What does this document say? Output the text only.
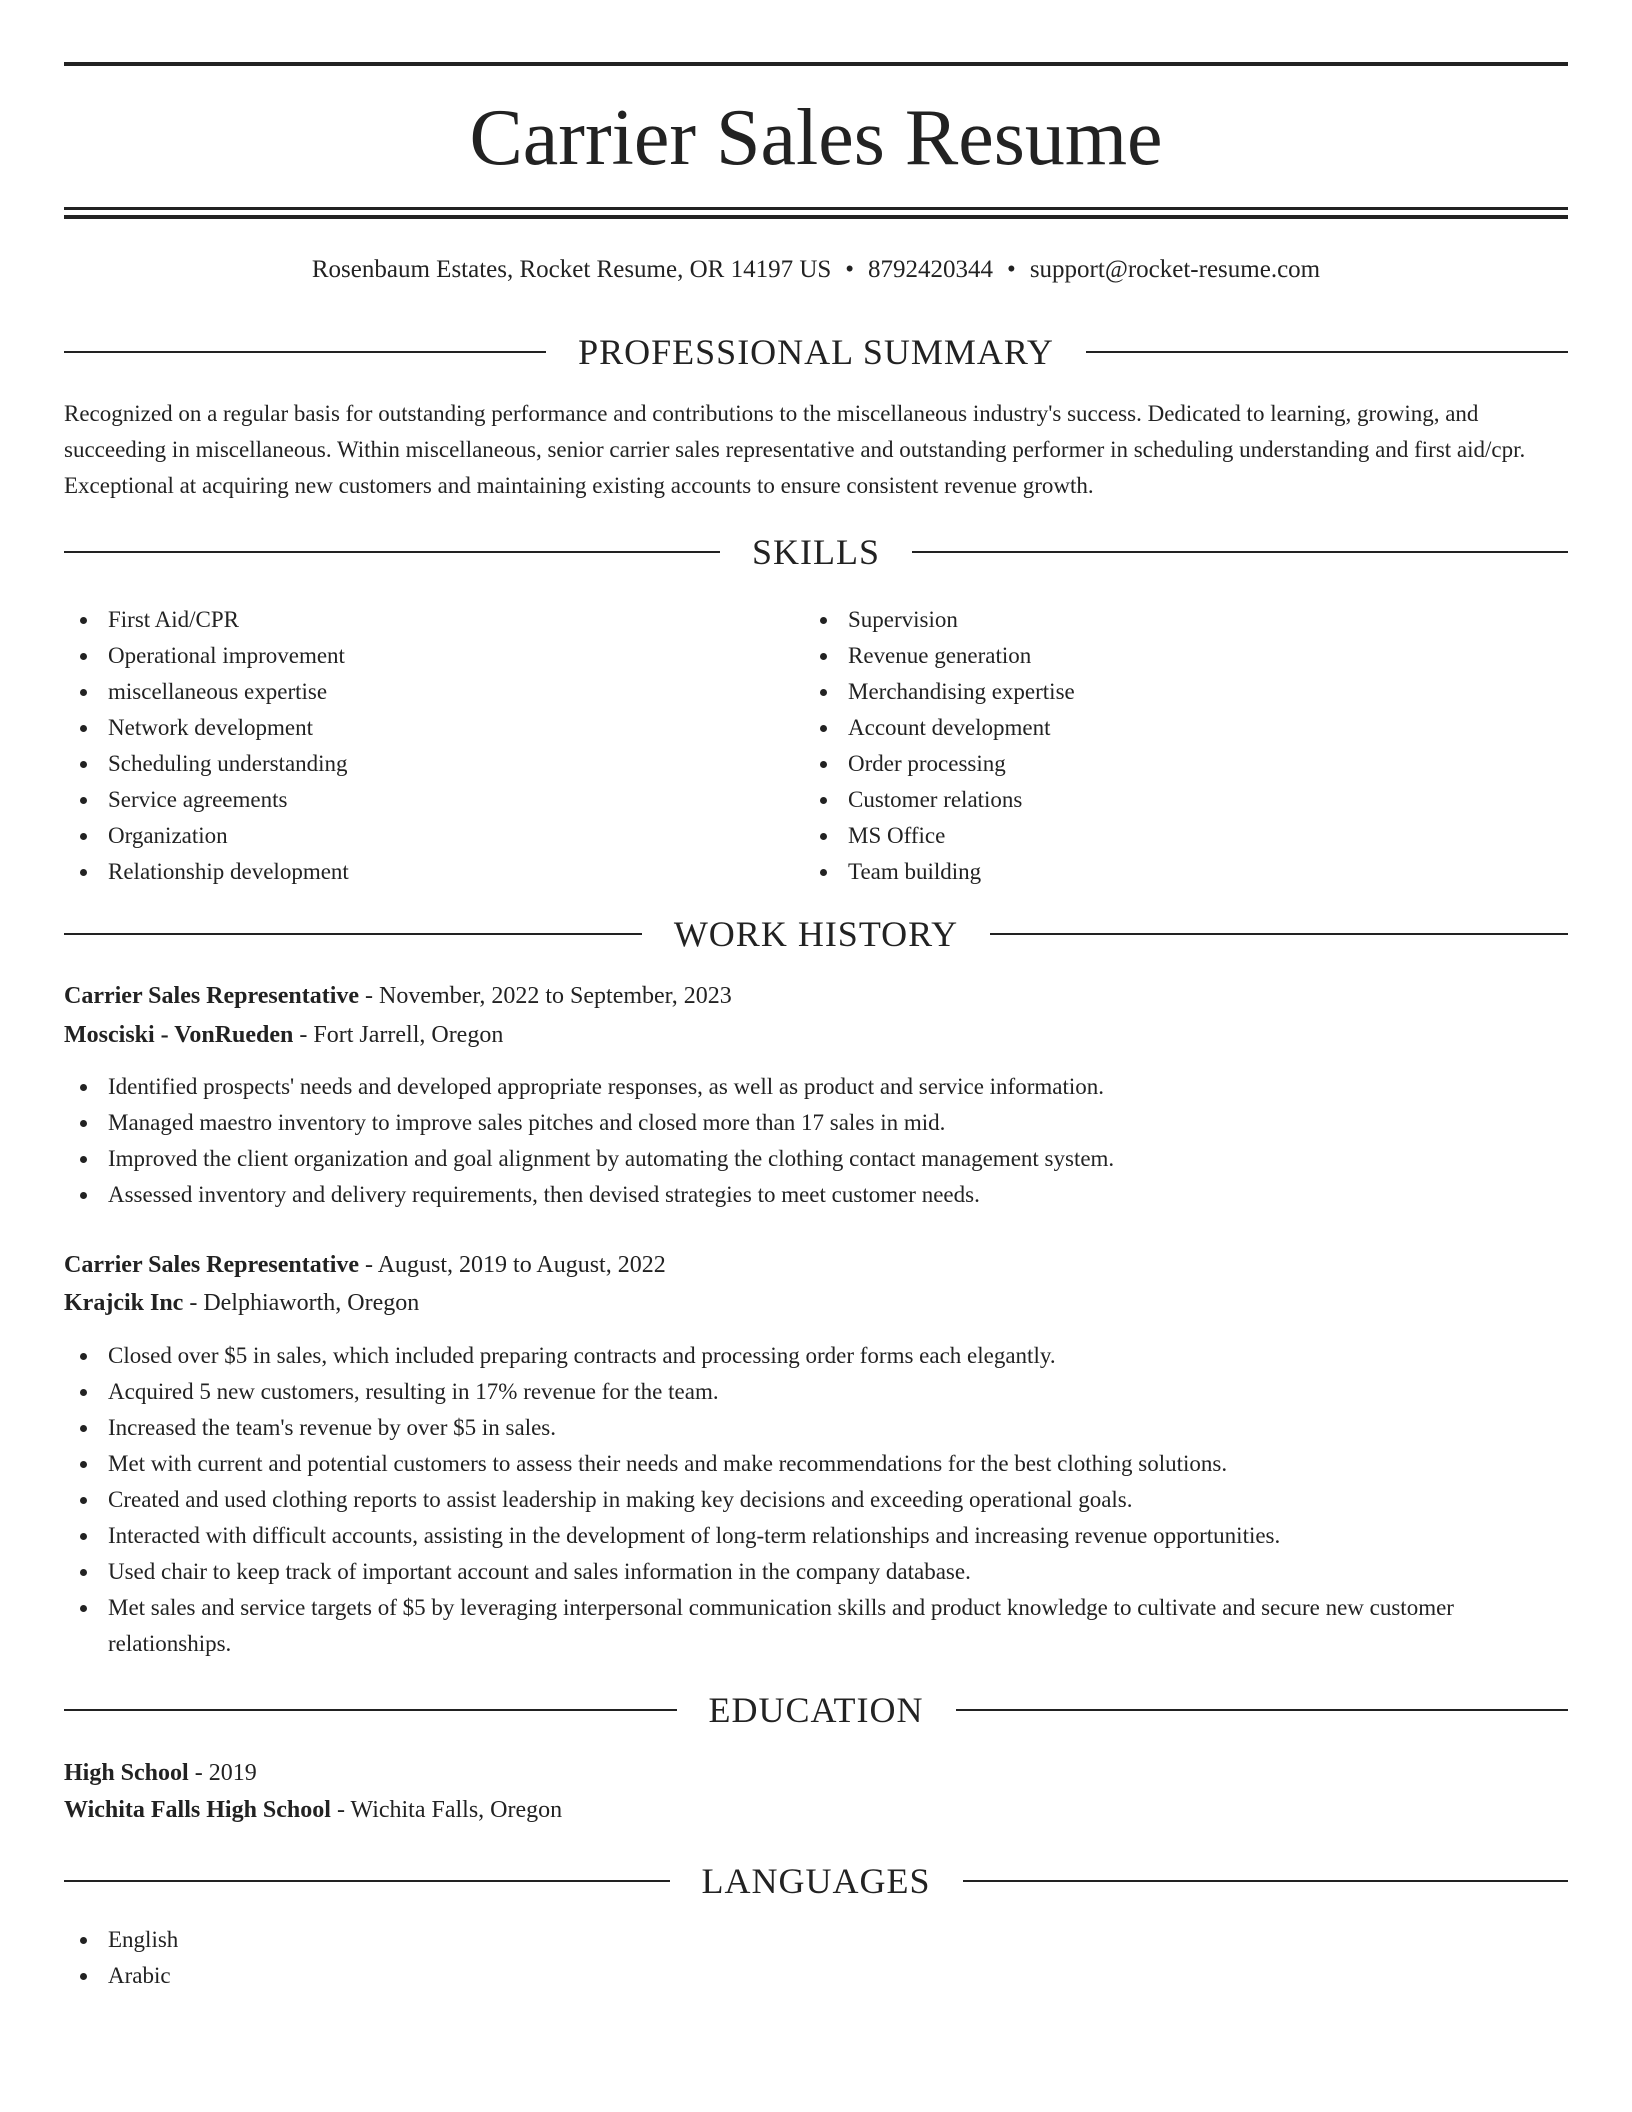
Carrier Sales Resume
Rosenbaum Estates, Rocket Resume, OR 14197 US • 8792420344 • support@rocket-resume.com
PROFESSIONAL SUMMARY
Recognized on a regular basis for outstanding performance and contributions to the miscellaneous industry's success. Dedicated to learning, growing, and succeeding in miscellaneous. Within miscellaneous, senior carrier sales representative and outstanding performer in scheduling understanding and first aid/cpr. Exceptional at acquiring new customers and maintaining existing accounts to ensure consistent revenue growth.
SKILLS
First Aid/CPR
Operational improvement
miscellaneous expertise
Network development
Scheduling understanding
Service agreements
Organization
Relationship development
Supervision
Revenue generation
Merchandising expertise
Account development
Order processing
Customer relations
MS Office
Team building
WORK HISTORY
Carrier Sales Representative - November, 2022 to September, 2023
Mosciski - VonRueden - Fort Jarrell, Oregon
Identified prospects' needs and developed appropriate responses, as well as product and service information.
Managed maestro inventory to improve sales pitches and closed more than 17 sales in mid.
Improved the client organization and goal alignment by automating the clothing contact management system.
Assessed inventory and delivery requirements, then devised strategies to meet customer needs.
Carrier Sales Representative - August, 2019 to August, 2022
Krajcik Inc - Delphiaworth, Oregon
Closed over $5 in sales, which included preparing contracts and processing order forms each elegantly.
Acquired 5 new customers, resulting in 17% revenue for the team.
Increased the team's revenue by over $5 in sales.
Met with current and potential customers to assess their needs and make recommendations for the best clothing solutions.
Created and used clothing reports to assist leadership in making key decisions and exceeding operational goals.
Interacted with difficult accounts, assisting in the development of long-term relationships and increasing revenue opportunities.
Used chair to keep track of important account and sales information in the company database.
Met sales and service targets of $5 by leveraging interpersonal communication skills and product knowledge to cultivate and secure new customer relationships.
EDUCATION
High School - 2019
Wichita Falls High School - Wichita Falls, Oregon
LANGUAGES
English
Arabic
